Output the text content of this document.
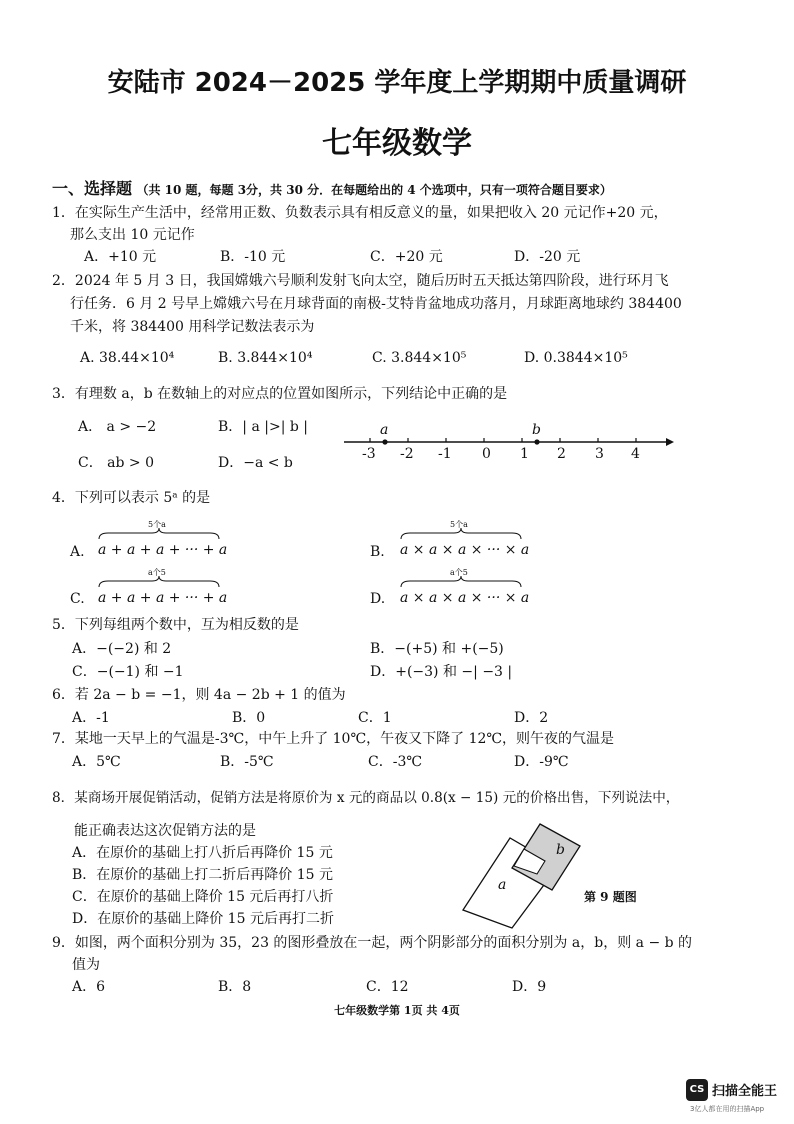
安陆市 2024－2025 学年度上学期期中质量调研
七年级数学
一、选择题 （共 10 题，每题 3分，共 30 分．在每题给出的 4 个选项中，只有一项符合题目要求）
1．在实际生产生活中，经常用正数、负数表示具有相反意义的量，如果把收入 20 元记作+20 元，
那么支出 10 元记作
A．+10 元	B．-10 元	C．+20 元	D．-20 元
2．2024 年 5 月 3 日，我国嫦娥六号顺利发射飞向太空，随后历时五天抵达第四阶段，进行环月飞
行任务．6 月 2 号早上嫦娥六号在月球背面的南极-艾特肯盆地成功落月，月球距离地球约 384400
千米，将 384400 用科学记数法表示为
A. 38.44×10⁴	B. 3.844×10⁴	C. 3.844×10⁵	D. 0.3844×10⁵
3．有理数 a，b 在数轴上的对应点的位置如图所示，下列结论中正确的是
A． a > −2	B．| a |>| b |
C． ab > 0	D．−a < b
a	b
-3 -2 -1 0 1 2 3 4
4．下列可以表示 5ᵃ 的是
A.
5个a
a + a + a + ··· + a	B.
5个a
a × a × a × ··· × a
C.
a个5
a + a + a + ··· + a	D.
a个5
a × a × a × ··· × a
5．下列每组两个数中，互为相反数的是
A．−(−2) 和 2	B．−(+5) 和 +(−5)
C．−(−1) 和 −1	D．+(−3) 和 −| −3 |
6．若 2a − b = −1，则 4a − 2b + 1 的值为
A．-1	B．0	C．1	D．2
7．某地一天早上的气温是-3℃，中午上升了 10℃，午夜又下降了 12℃，则午夜的气温是
A．5℃	B．-5℃	C．-3℃	D．-9℃
8．某商场开展促销活动，促销方法是将原价为 x 元的商品以 0.8(x − 15) 元的价格出售，下列说法中，
能正确表达这次促销方法的是
A．在原价的基础上打八折后再降价 15 元
B．在原价的基础上打二折后再降价 15 元
C．在原价的基础上降价 15 元后再打八折
D．在原价的基础上降价 15 元后再打二折
a
b
第 9 题图
9．如图，两个面积分别为 35，23 的图形叠放在一起，两个阴影部分的面积分别为 a，b，则 a − b 的
值为
A．6	B．8	C．12	D．9
七年级数学第 1页 共 4页
CS 扫描全能王
3亿人都在用的扫描App
